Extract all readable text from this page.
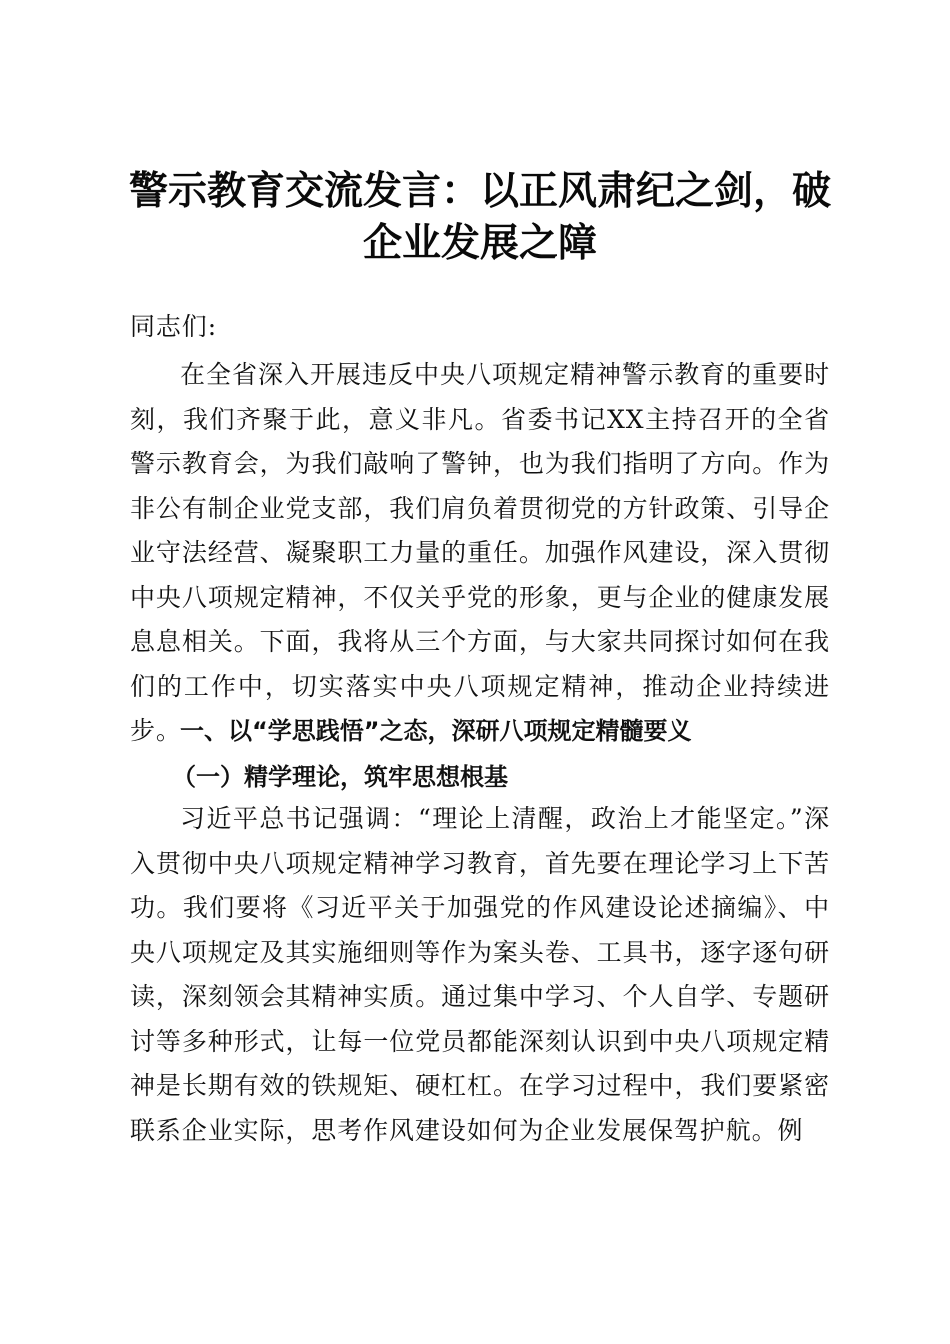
警示教育交流发言：以正风肃纪之剑，破企业发展之障
同志们:
在全省深入开展违反中央八项规定精神警示教育的重要时刻，我们齐聚于此，意义非凡。省委书记XX主持召开的全省警示教育会，为我们敲响了警钟，也为我们指明了方向。作为非公有制企业党支部，我们肩负着贯彻党的方针政策、引导企业守法经营、凝聚职工力量的重任。加强作风建设，深入贯彻中央八项规定精神，不仅关乎党的形象，更与企业的健康发展息息相关。下面，我将从三个方面，与大家共同探讨如何在我们的工作中，切实落实中央八项规定精神，推动企业持续进步。
一、以“学思践悟”之态，深研八项规定精髓要义
（一）精学理论，筑牢思想根基
习近平总书记强调：“理论上清醒，政治上才能坚定。”深入贯彻中央八项规定精神学习教育，首先要在理论学习上下苦功。我们要将《习近平关于加强党的作风建设论述摘编》、中央八项规定及其实施细则等作为案头卷、工具书，逐字逐句研读，深刻领会其精神实质。通过集中学习、个人自学、专题研讨等多种形式，让每一位党员都能深刻认识到中央八项规定精神是长期有效的铁规矩、硬杠杠。在学习过程中，我们要紧密联系企业实际，思考作风建设如何为企业发展保驾护航。例
